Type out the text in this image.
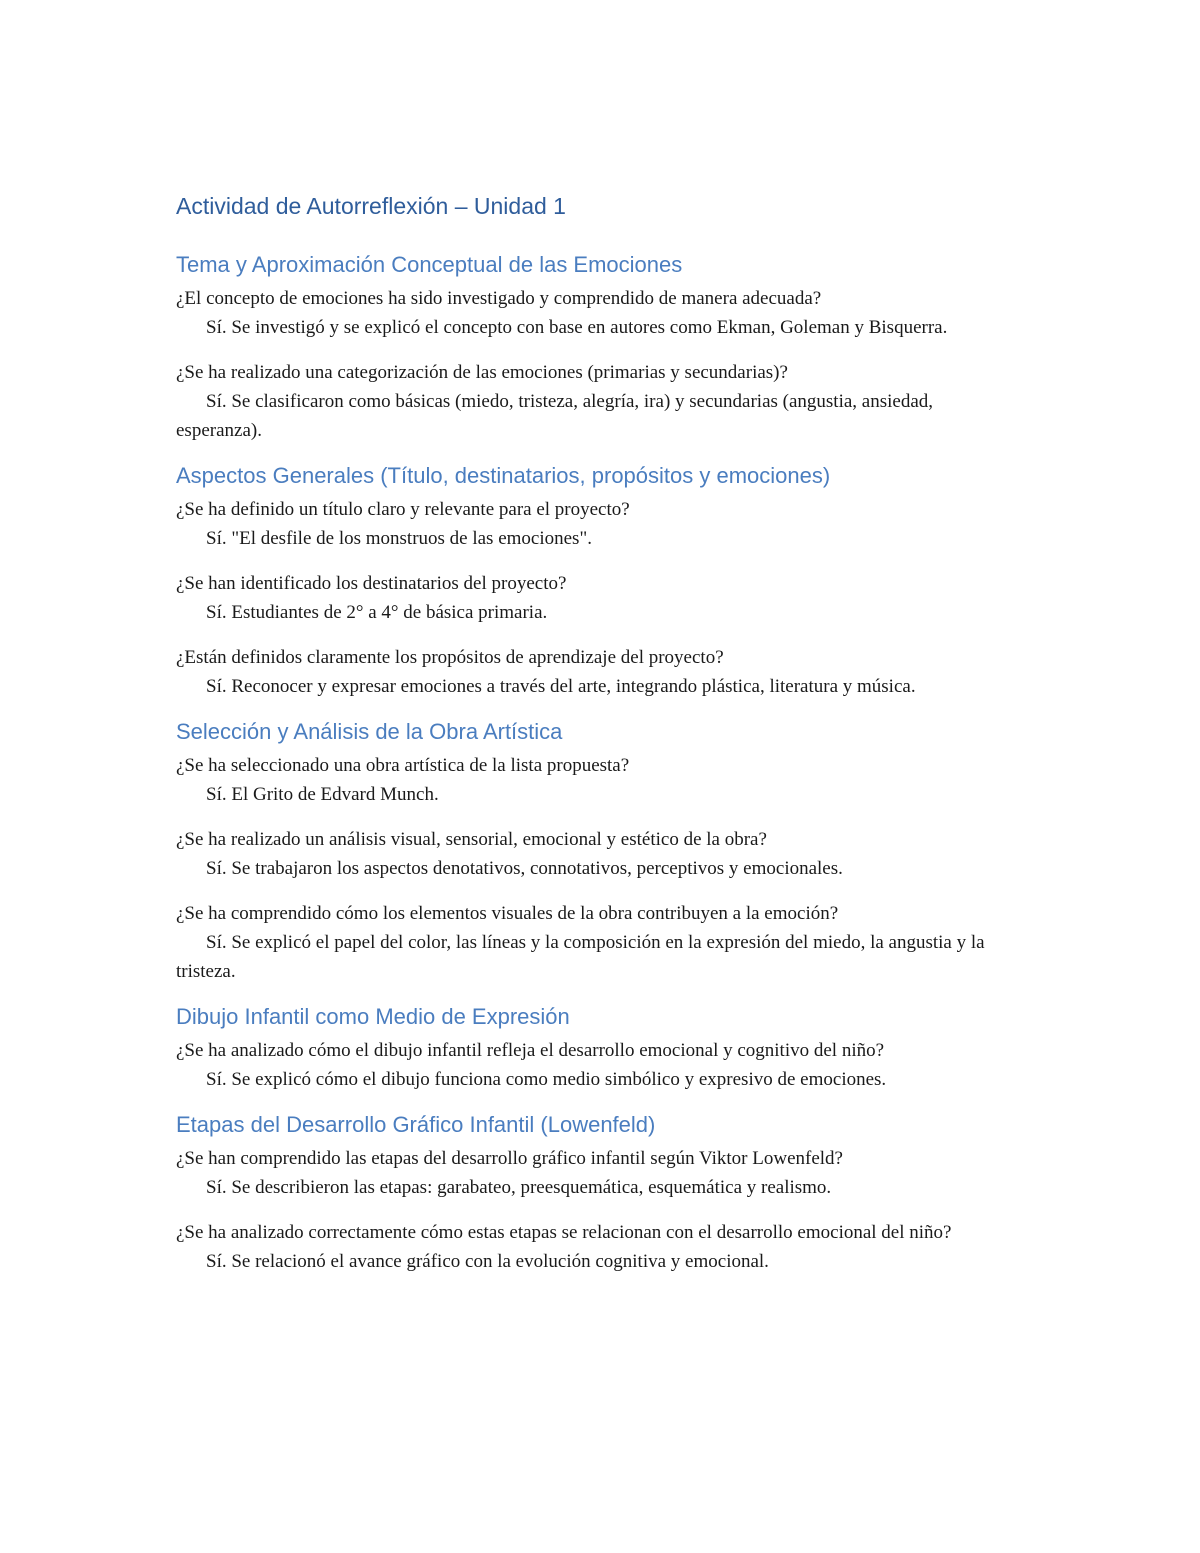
Actividad de Autorreflexión – Unidad 1
Tema y Aproximación Conceptual de las Emociones

¿El concepto de emociones ha sido investigado y comprendido de manera adecuada?

Sí. Se investigó y se explicó el concepto con base en autores como Ekman, Goleman y Bisquerra.

¿Se ha realizado una categorización de las emociones (primarias y secundarias)?

Sí. Se clasificaron como básicas (miedo, tristeza, alegría, ira) y secundarias (angustia, ansiedad, esperanza).

Aspectos Generales (Título, destinatarios, propósitos y emociones)

¿Se ha definido un título claro y relevante para el proyecto?

Sí. "El desfile de los monstruos de las emociones".

¿Se han identificado los destinatarios del proyecto?

Sí. Estudiantes de 2° a 4° de básica primaria.

¿Están definidos claramente los propósitos de aprendizaje del proyecto?

Sí. Reconocer y expresar emociones a través del arte, integrando plástica, literatura y música.

Selección y Análisis de la Obra Artística

¿Se ha seleccionado una obra artística de la lista propuesta?

Sí. El Grito de Edvard Munch.

¿Se ha realizado un análisis visual, sensorial, emocional y estético de la obra?

Sí. Se trabajaron los aspectos denotativos, connotativos, perceptivos y emocionales.

¿Se ha comprendido cómo los elementos visuales de la obra contribuyen a la emoción?

Sí. Se explicó el papel del color, las líneas y la composición en la expresión del miedo, la angustia y la tristeza.

Dibujo Infantil como Medio de Expresión

¿Se ha analizado cómo el dibujo infantil refleja el desarrollo emocional y cognitivo del niño?

Sí. Se explicó cómo el dibujo funciona como medio simbólico y expresivo de emociones.

Etapas del Desarrollo Gráfico Infantil (Lowenfeld)

¿Se han comprendido las etapas del desarrollo gráfico infantil según Viktor Lowenfeld?

Sí. Se describieron las etapas: garabateo, preesquemática, esquemática y realismo.

¿Se ha analizado correctamente cómo estas etapas se relacionan con el desarrollo emocional del niño?

Sí. Se relacionó el avance gráfico con la evolución cognitiva y emocional.
